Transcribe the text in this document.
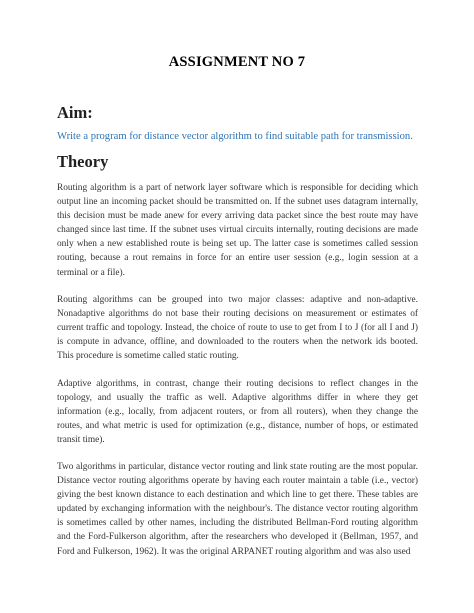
ASSIGNMENT NO 7
Aim:
Write a program for distance vector algorithm to find suitable path for transmission.
Theory

Routing algorithm is a part of network layer software which is responsible for deciding which output line an incoming packet should be transmitted on. If the subnet uses datagram internally, this decision must be made anew for every arriving data packet since the best route may have changed since last time. If the subnet uses virtual circuits internally, routing decisions are made only when a new established route is being set up. The latter case is sometimes called session routing, because a rout remains in force for an entire user session (e.g., login session at a terminal or a file).

Routing algorithms can be grouped into two major classes: adaptive and non-adaptive. Nonadaptive algorithms do not base their routing decisions on measurement or estimates of current traffic and topology. Instead, the choice of route to use to get from I to J (for all I and J) is compute in advance, offline, and downloaded to the routers when the network ids booted. This procedure is sometime called static routing.

Adaptive algorithms, in contrast, change their routing decisions to reflect changes in the topology, and usually the traffic as well. Adaptive algorithms differ in where they get information (e.g., locally, from adjacent routers, or from all routers), when they change the routes, and what metric is used for optimization (e.g., distance, number of hops, or estimated transit time).

Two algorithms in particular, distance vector routing and link state routing are the most popular. Distance vector routing algorithms operate by having each router maintain a table (i.e., vector) giving the best known distance to each destination and which line to get there. These tables are updated by exchanging information with the neighbour's. The distance vector routing algorithm is sometimes called by other names, including the distributed Bellman-Ford routing algorithm and the Ford-Fulkerson algorithm, after the researchers who developed it (Bellman, 1957, and Ford and Fulkerson, 1962). It was the original ARPANET routing algorithm and was also used
